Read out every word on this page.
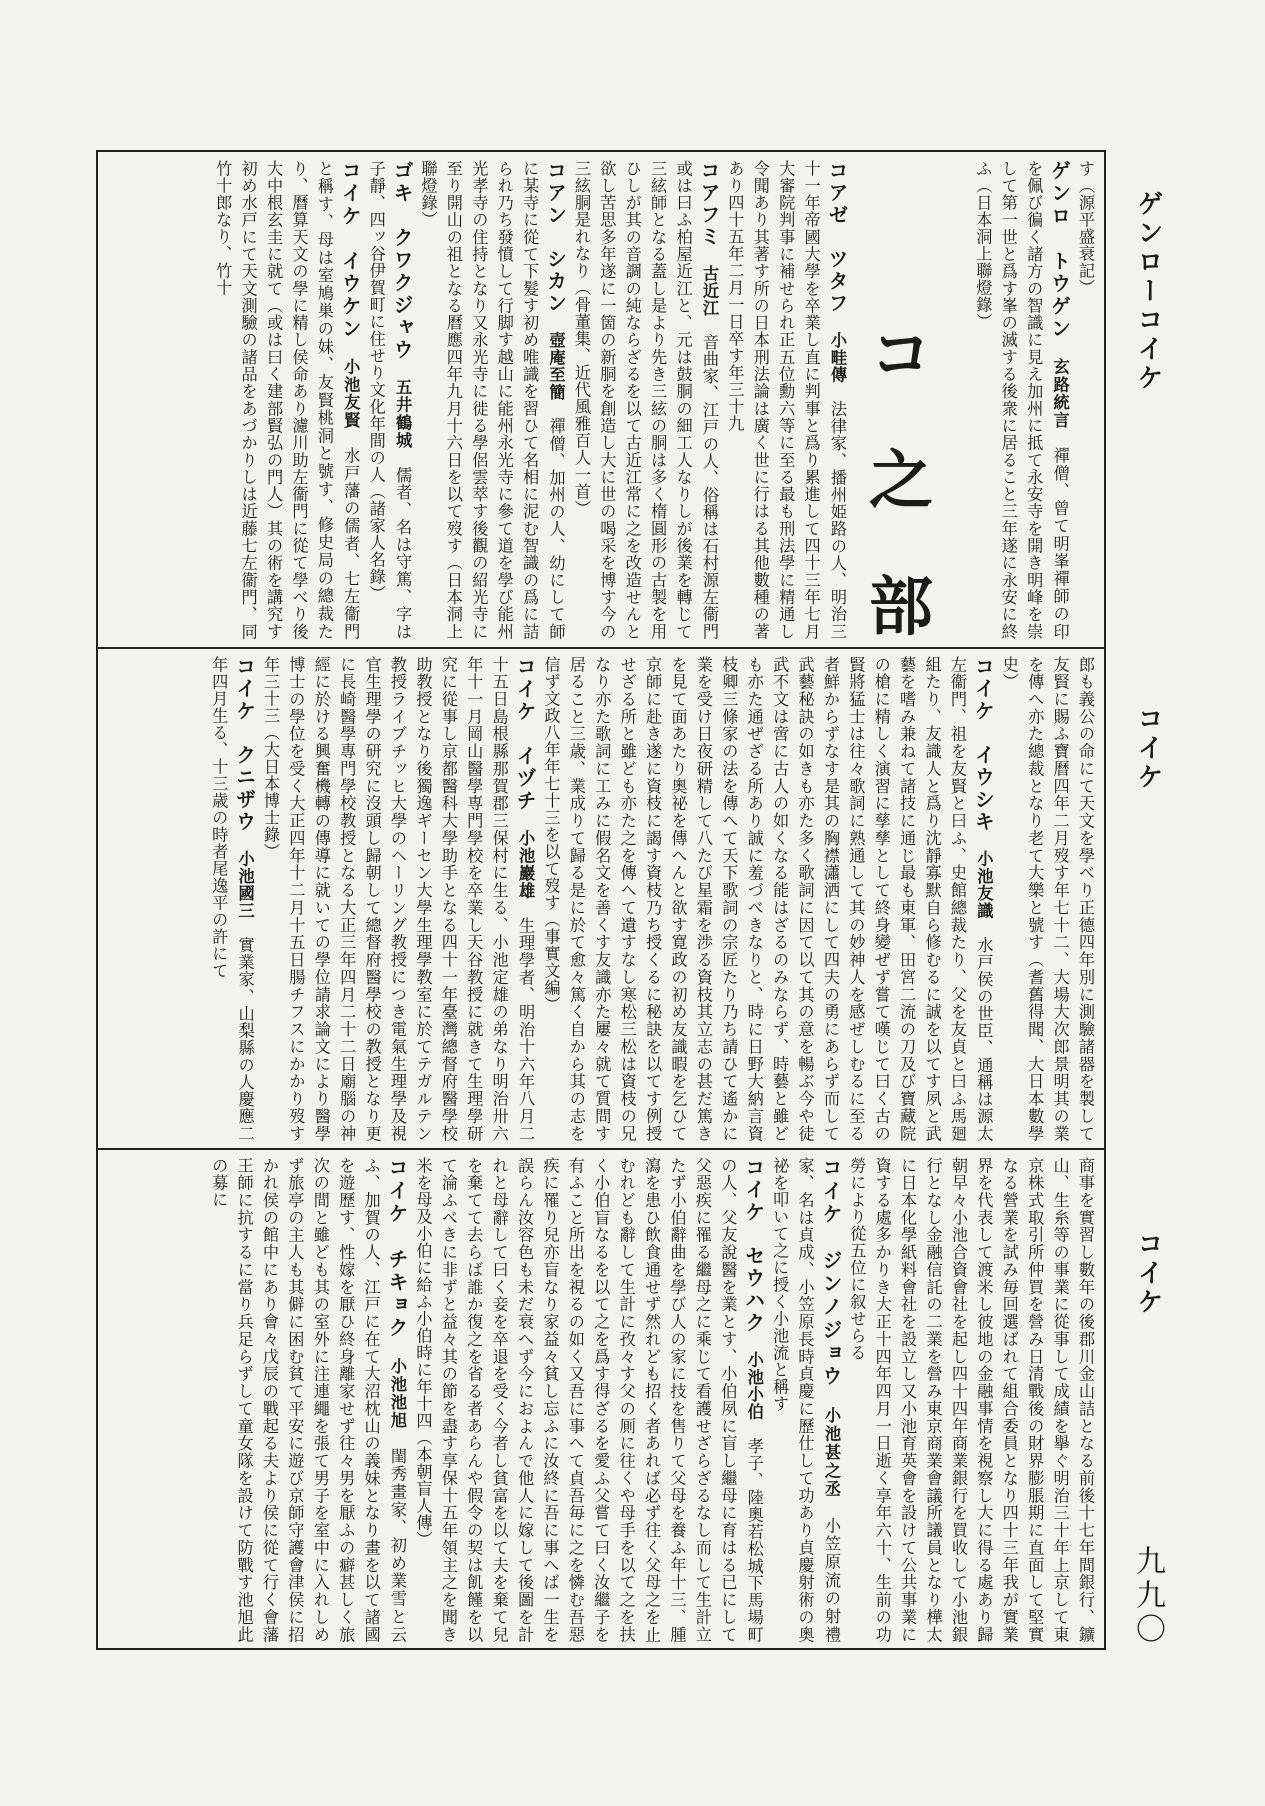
ゲンローコイケ
コイケ
コイケ
九九〇

す（源平盛衰記）

ゲンロ　トウゲン　玄路統言　禪僧、曾て明峯禪師の印を佩び徧く諸方の智識に見え加州に抵て永安寺を開き明峰を崇して第一世と爲す峯の滅する後衆に居ること三年遂に永安に終ふ（日本洞上聯燈錄）

コ 之 部

コアゼ　ツタフ　小畦傳　法律家、播州姫路の人、明治三十一年帝國大學を卒業し直に判事と爲り累進して四十三年七月大審院判事に補せられ正五位勳六等に至る最も刑法學に精通し令聞あり其著す所の日本刑法論は廣く世に行はる其他數種の著あり四十五年二月一日卒す年三十九

コアフミ　古近江　音曲家、江戸の人、俗稱は石村源左衞門或は曰ふ柏屋近江と、元は鼓胴の細工人なりしが後業を轉じて三絃師となる蓋し是より先き三絃の胴は多く楕圓形の古製を用ひしが其の音調の純ならざるを以て古近江常に之を改造せんと欲し苦思多年遂に一箇の新胴を創造し大に世の喝采を博す今の三絃胴是れなり（骨董集、近代風雅百人一首）

コアン　シカン　壺庵至簡　禪僧、加州の人、幼にして師に某寺に從て下髮す初め唯識を習ひて名相に泥む智識の爲に詰られ乃ち發憤して行脚す越山に能州永光寺に參て道を學び能州光孝寺の住持となり又永光寺に徙る學侶雲萃す後觀の紹光寺に至り開山の祖となる曆應四年九月十六日を以て歿す（日本洞上聯燈錄）

ゴキ　クワクジャウ　五井鶴城　儒者、名は守篤、字は子靜、四ッ谷伊賀町に住せり文化年間の人（諸家人名錄）

コイケ　イウケン　小池友賢　水戸藩の儒者、七左衞門と稱す、母は室鳩巣の妹、友賢桃洞と號す、修史局の總裁たり、曆算天文の學に精し侯命あり濾川助左衞門に從て學べり後大中根玄圭に就て（或は曰く建部賢弘の門人）其の術を講究す初め水戸にて天文測驗の諸品をあづかりしは近藤七左衞門、同竹十郎なり、竹十

郎も義公の命にて天文を學べり正德四年別に測驗諸器を製して友賢に賜ふ寶曆四年二月歿す年七十二、大場大次郎景明其の業を傳へ亦た總裁となり老て大樂と號す（耆舊得聞、大日本數學史）

コイケ　イウシキ　小池友識　水戸侯の世臣、通稱は源太左衞門、祖を友賢と曰ふ、史館總裁たり、父を友貞と曰ふ馬廻組たり、友識人と爲り沈靜寡默自ら修むるに誠を以てす夙と武藝を嗜み兼ねて諸技に通じ最も東軍、田宮二流の刀及び寶藏院の槍に精しく演習に孳孳として終身變ぜず嘗て嘆じて曰く古の賢將猛士は往々歌詞に熟通して其の妙神人を感ぜしむるに至る者鮮からずなす是其の胸襟瀟洒にして四夫の勇にあらず而して武藝秘訣の如きも亦た多く歌詞に因て以て其の意を暢ぶ今や徒武不文は啻に古人の如くなる能はざるのみならず、時藝と雖ども亦た通ぜざる所あり誠に羞づべきなりと、時に日野大納言資枝卿三條家の法を傳へて天下歌詞の宗匠たり乃ち請ひて遙かに業を受け日夜研精して八たび星霜を渉る資枝其立志の甚だ篤きを見て面あたり奧祕を傳へんと欲す寛政の初め友識暇を乞ひて京師に赴き遂に資枝に謁す資枝乃ち授くるに秘訣を以てす例授せざる所と雖ども亦た之を傳へて遺すなし寒松三松は資枝の兄なり亦た歌詞に工みに假名文を善くす友識亦た屢々就て質問す居ること三歳、業成りて歸る是に於て愈々篤く自から其の志を信ず文政八年年七十三を以て歿す（事實文編）

コイケ　イヅチ　小池巖雄　生理學者、明治十六年八月二十五日島根縣那賀郡三保村に生る、小池定雄の弟なり明治卅六年十一月岡山醫學専門學校を卒業し天谷教授に就きて生理學研究に從事し京都醫科大學助手となる四十一年臺灣總督府醫學校助教授となり後獨逸ギーセン大學生理學教室に於てテガルテン教授ライブチッヒ大學のヘーリング教授につき電氣生理學及視官生理學の研究に沒頭し歸朝して總督府醫學校の教授となり更に長崎醫學專門學校教授となる大正三年四月二十二日廟腦の神經に於ける興奮機轉の傳導に就いての學位請求論文により醫學博士の學位を受く大正四年十二月十五日腸チフスにかかり歿す年三十三（大日本博士錄）

コイケ　クニザウ　小池國三　實業家、山梨縣の人慶應二年四月生る、十三歳の時者尾逸平の許にて

商事を實習し數年の後郡川金山詰となる前後十七年間銀行、鑛山、生糸等の事業に從事して成績を擧ぐ明治三十年上京して東京株式取引所仲買を營み日清戰後の財界膨脹期に直面して堅實なる營業を試み毎回選ばれて組合委員となり四十三年我が實業界を代表して渡米し彼地の金融事情を視察し大に得る處あり歸朝早々小池合資會社を起し四十四年商業銀行を買收して小池銀行となし金融信託の二業を營み東京商業會議所議員となり樺太に日本化學紙料會社を設立し又小池育英會を設けて公共事業に資する處多かりき大正十四年四月一日逝く享年六十、生前の功勞により從五位に叙せらる

コイケ　ジンノジョウ　小池甚之丞　小笠原流の射禮家、名は貞成、小笠原長時貞慶に歷仕して功あり貞慶射術の奧祕を叩いて之に授く小池流と稱す

コイケ　セウハク　小池小伯　孝子、陸奧若松城下馬場町の人、父友說醫を業とす、小伯夙に盲し繼母に育はる已にして父惡疾に罹る繼母之に乘じて看護せざらざるなし而して生計立たず小伯辭曲を學び人の家に技を售りて父母を養ふ年十三、腫瀉を患ひ飲食通せず然れども招く者あれば必ず往く父母之を止むれども辭して生計に孜々す父の厠に往くや母手を以て之を扶く小伯盲なるを以て之を爲す得ざるを愛ふ父嘗て曰く汝繼子を有ふこと所出を視るの如く又吾に事へて貞吾毎に之を憐む吾惡疾に罹り兒亦盲なり家益々貧し忘ふに汝終に吾に事へば一生を誤らん汝容色も未だ衰へず今におよんで他人に嫁して後圖を計れと母辭して曰く妾を卒退を受く今者し貧富を以て夫を棄て兒を棄てて去らば誰か復之を省る者あらんや假令の契は飢饉を以て淪ふべきに非ずと益々其の節を盡す享保十五年領主之を聞き米を母及小伯に給ふ小伯時に年十四（本朝盲人傳）

コイケ　チキョク　小池池旭　閨秀畫家、初め業雪と云ふ、加賀の人、江戸に在て大沼枕山の義妹となり畫を以て諸國を遊歷す、性嫁を厭ひ終身離家せず往々男を厭ふの癖甚しく旅次の間と雖ども其の室外に注連繩を張て男子を室中に入れしめず旅亭の主人も其僻に困む貧て平安に遊び京師守護會津侯に招かれ侯の館中にあり會々戊辰の戰起る夫より侯に從て行く會藩王師に抗するに當り兵足らずして童女隊を設けて防戰す池旭此の募に
